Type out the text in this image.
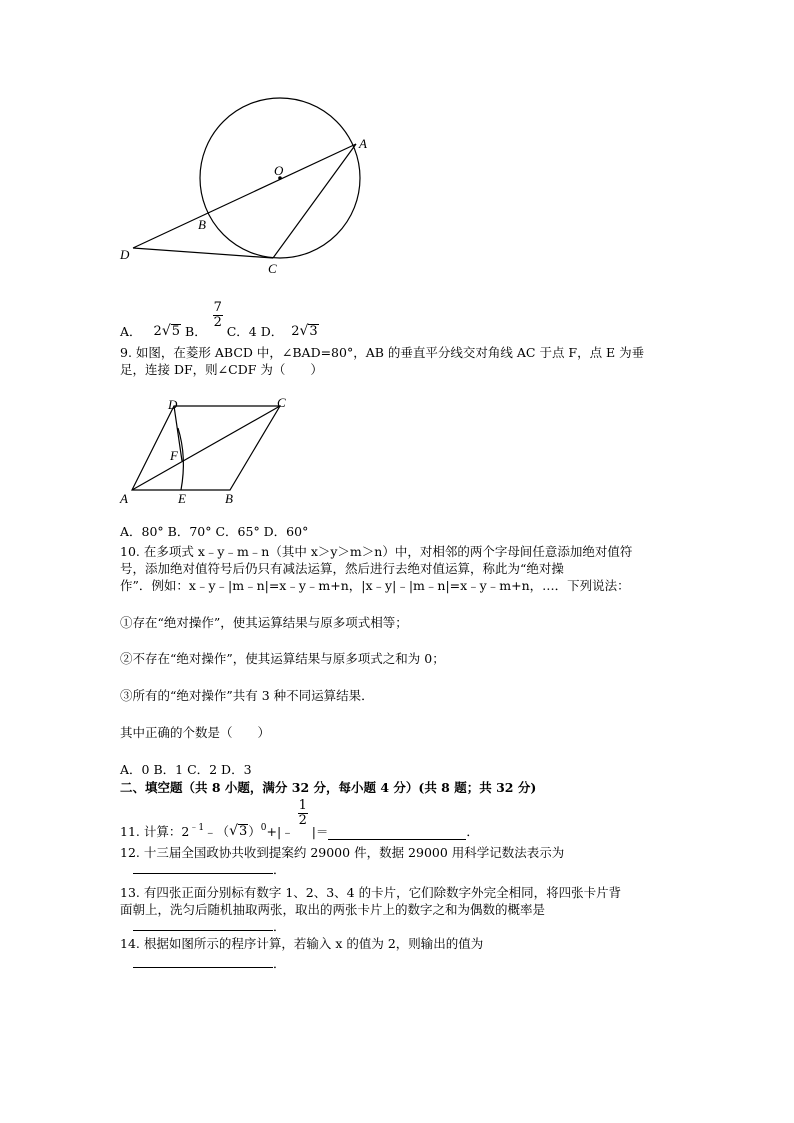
O
A
B
C
D
A． 2√5 B．
$\frac{7}{2}$
C．4 D． 2√3
9. 如图，在菱形 ABCD 中，∠BAD=80°，AB 的垂直平分线交对角线 AC 于点 F，点 E 为垂
足，连接 DF，则∠CDF 为（　　）
A	E	B
C
D
F
A．80° B．70° C．65° D．60°
10. 在多项式 x﹣y﹣m﹣n（其中 x＞y＞m＞n）中，对相邻的两个字母间任意添加绝对值符
号，添加绝对值符号后仍只有减法运算，然后进行去绝对值运算，称此为“绝对操
作”．例如：x﹣y﹣|m﹣n|=x﹣y﹣m+n，|x﹣y|﹣|m﹣n|=x﹣y﹣m+n，…．下列说法：
①存在“绝对操作”，使其运算结果与原多项式相等；
②不存在“绝对操作”，使其运算结果与原多项式之和为 0；
③所有的“绝对操作”共有 3 种不同运算结果．
其中正确的个数是（　　）
A．0 B．1 C．2 D．3
二、填空题（共 8 小题，满分 32 分，每小题 4 分）(共 8 题；共 32 分)
11. 计算：$2^{﹣1}$ ﹣（ √3 ）$^0$ +|﹣
$\frac{1}{2}$
|＝	．
12. 十三届全国政协共收到提案约 29000 件，数据 29000 用科学记数法表示为
．
13. 有四张正面分别标有数字 1、2、3、4 的卡片，它们除数字外完全相同，将四张卡片背
面朝上，洗匀后随机抽取两张，取出的两张卡片上的数字之和为偶数的概率是
．
14. 根据如图所示的程序计算，若输入 x 的值为 2，则输出的值为
．
